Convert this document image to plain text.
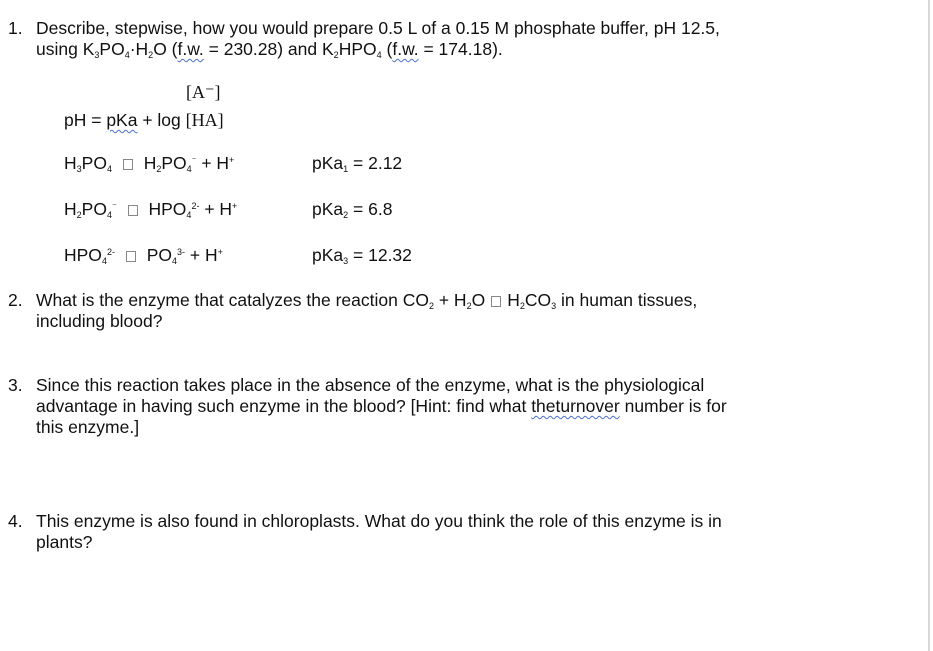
1. Describe, stepwise, how you would prepare 0.5 L of a 0.15 M phosphate buffer, pH 12.5,
using $K_3PO_4\cdot H_2O$ (f.w. = 230.28) and $K_2HPO_4$ (f.w. = 174.18).
[A⁻]
pH = pKa + log [HA]
$H_3PO_4$ $H_2PO_4^{^-} + H^+$	pKa$_1$ = 2.12
$H_2PO_4^{^-}$ $HPO_4^{2-} + H^+$	pKa$_2$ = 6.8
$HPO_4^{2-}$ $PO_4^{3-} + H^+$	pKa$_3$ = 12.32
2. What is the enzyme that catalyzes the reaction $CO_2 + H_2O$ $H_2CO_3$ in human tissues,
including blood?
3. Since this reaction takes place in the absence of the enzyme, what is the physiological
advantage in having such enzyme in the blood? [Hint: find what theturnover number is for
this enzyme.]
4. This enzyme is also found in chloroplasts. What do you think the role of this enzyme is in
plants?
